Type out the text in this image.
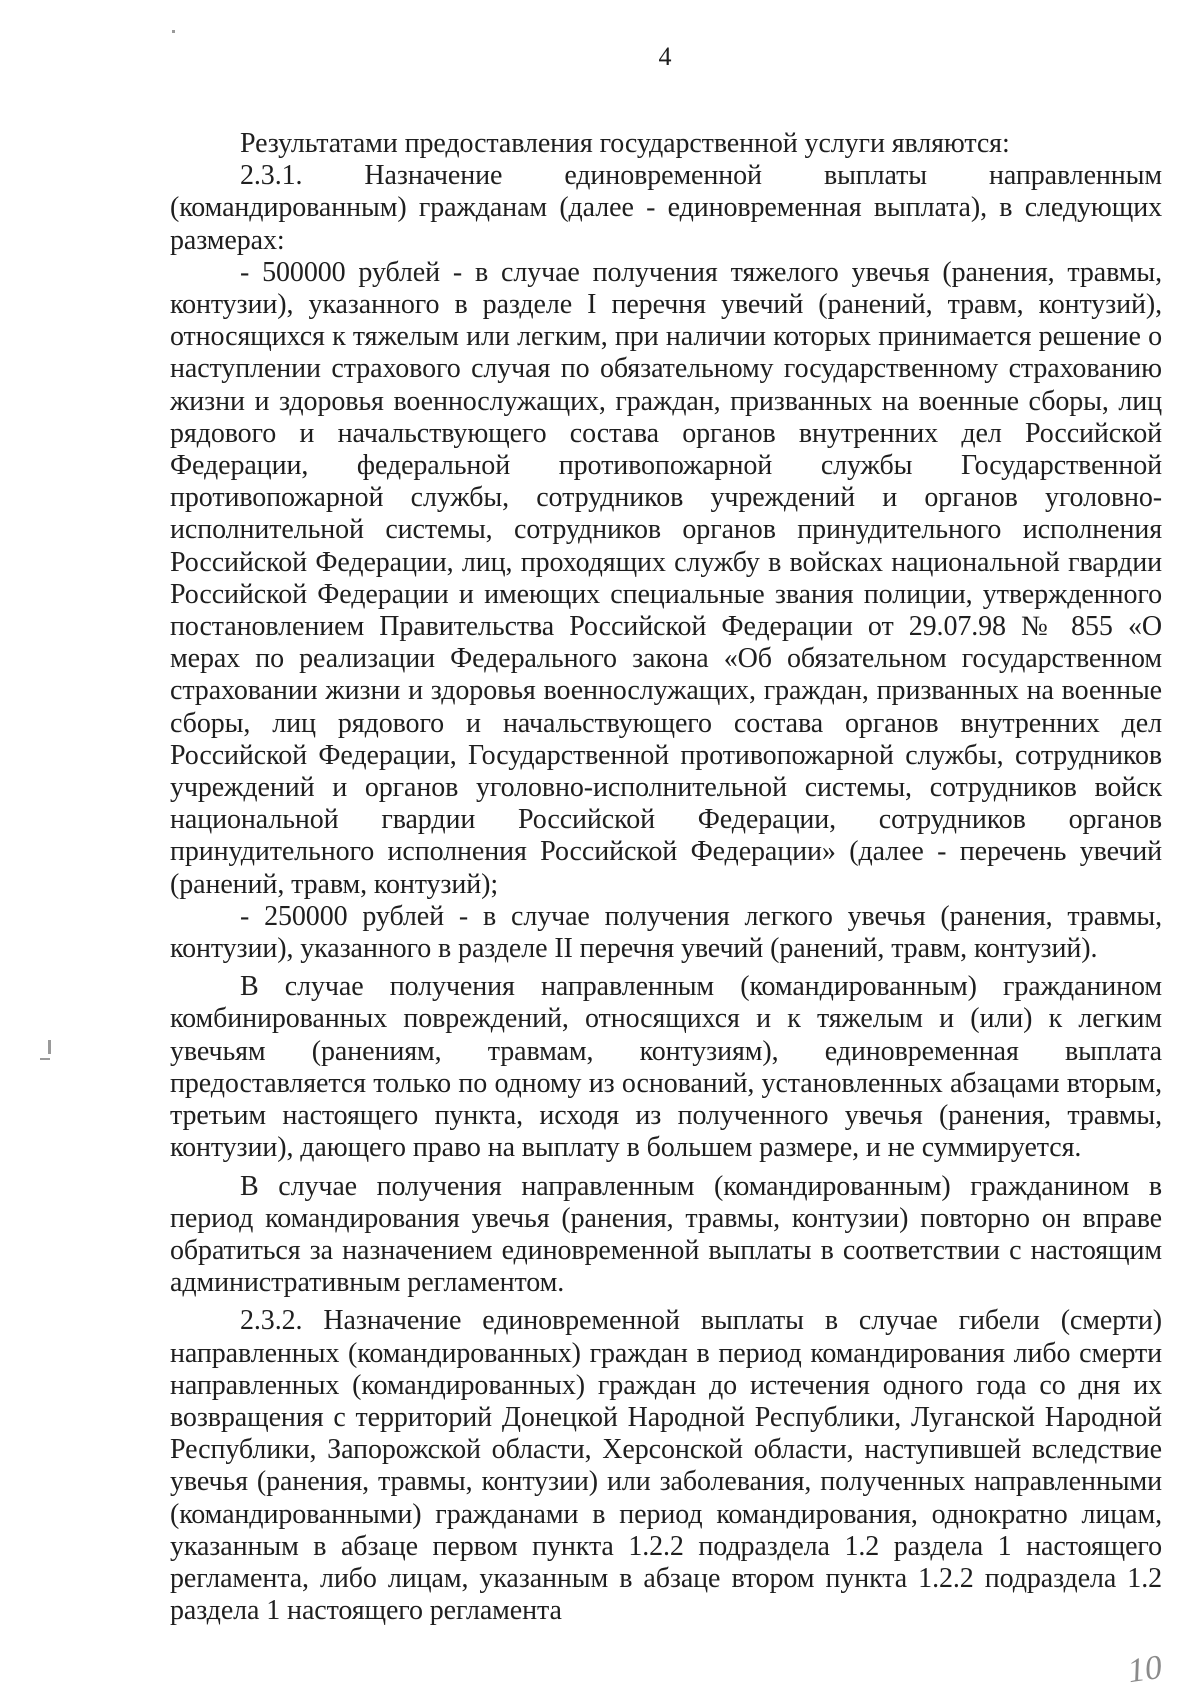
4

Результатами предоставления государственной услуги являются:

2.3.1. Назначение единовременной выплаты направленным (командированным) гражданам (далее - единовременная выплата), в следующих размерах:

- 500000 рублей - в случае получения тяжелого увечья (ранения, травмы, контузии), указанного в разделе I перечня увечий (ранений, травм, контузий), относящихся к тяжелым или легким, при наличии которых принимается решение о наступлении страхового случая по обязательному государственному страхованию жизни и здоровья военнослужащих, граждан, призванных на военные сборы, лиц рядового и начальствующего состава органов внутренних дел Российской Федерации, федеральной противопожарной службы Государственной противопожарной службы, сотрудников учреждений и органов уголовно-исполнительной системы, сотрудников органов принудительного исполнения Российской Федерации, лиц, проходящих службу в войсках национальной гвардии Российской Федерации и имеющих специальные звания полиции, утвержденного постановлением Правительства Российской Федерации от 29.07.98 № 855 «О мерах по реализации Федерального закона «Об обязательном государственном страховании жизни и здоровья военнослужащих, граждан, призванных на военные сборы, лиц рядового и начальствующего состава органов внутренних дел Российской Федерации, Государственной противопожарной службы, сотрудников учреждений и органов уголовно-исполнительной системы, сотрудников войск национальной гвардии Российской Федерации, сотрудников органов принудительного исполнения Российской Федерации» (далее - перечень увечий (ранений, травм, контузий);

- 250000 рублей - в случае получения легкого увечья (ранения, травмы, контузии), указанного в разделе II перечня увечий (ранений, травм, контузий).

В случае получения направленным (командированным) гражданином комбинированных повреждений, относящихся и к тяжелым и (или) к легким увечьям (ранениям, травмам, контузиям), единовременная выплата предоставляется только по одному из оснований, установленных абзацами вторым, третьим настоящего пункта, исходя из полученного увечья (ранения, травмы, контузии), дающего право на выплату в большем размере, и не суммируется.

В случае получения направленным (командированным) гражданином в период командирования увечья (ранения, травмы, контузии) повторно он вправе обратиться за назначением единовременной выплаты в соответствии с настоящим административным регламентом.

2.3.2. Назначение единовременной выплаты в случае гибели (смерти) направленных (командированных) граждан в период командирования либо смерти направленных (командированных) граждан до истечения одного года со дня их возвращения с территорий Донецкой Народной Республики, Луганской Народной Республики, Запорожской области, Херсонской области, наступившей вследствие увечья (ранения, травмы, контузии) или заболевания, полученных направленными (командированными) гражданами в период командирования, однократно лицам, указанным в абзаце первом пункта 1.2.2 подраздела 1.2 раздела 1 настоящего регламента, либо лицам, указанным в абзаце втором пункта 1.2.2 подраздела 1.2 раздела 1 настоящего регламента

10
